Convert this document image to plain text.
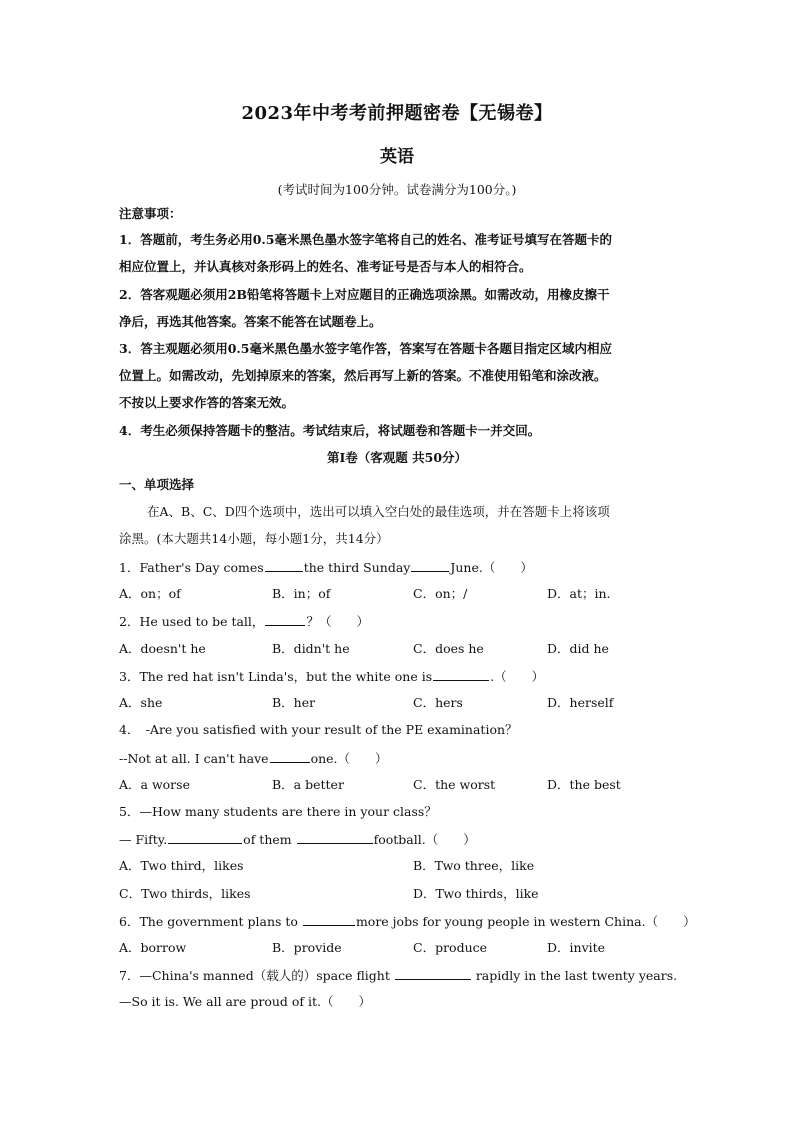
2023年中考考前押题密卷【无锡卷】
英语
(考试时间为100分钟。试卷满分为100分。)
注意事项：
1．答题前，考生务必用0.5毫米黑色墨水签字笔将自己的姓名、准考证号填写在答题卡的
相应位置上，并认真核对条形码上的姓名、准考证号是否与本人的相符合。
2．答客观题必须用2B铅笔将答题卡上对应题目的正确选项涂黑。如需改动，用橡皮擦干
净后，再选其他答案。答案不能答在试题卷上。
3．答主观题必须用0.5毫米黑色墨水签字笔作答，答案写在答题卡各题目指定区域内相应
位置上。如需改动，先划掉原来的答案，然后再写上新的答案。不准使用铅笔和涂改液。
不按以上要求作答的答案无效。
4．考生必须保持答题卡的整洁。考试结束后，将试题卷和答题卡一并交回。
第I卷（客观题 共50分）
一、单项选择
在A、B、C、D四个选项中，选出可以填入空白处的最佳选项，并在答题卡上将该项
涂黑。(本大题共14小题，每小题1分，共14分）
1．Father's Day comes	the third Sunday	June.（　　）
A．on；of	B．in；of	C．on；/	D．at；in.
2．He used to be tall，	？（　　）
A．doesn't he	B．didn't he	C．does he	D．did he
3．The red hat isn't Linda's，but the white one is	.（　　）
A．she	B．her	C．hers	D．herself
4．　-Are you satisfied with your result of the PE examination？
--Not at all. I can't have	one.（　　）
A．a worse	B．a better	C．the worst	D．the best
5．—How many students are there in your class？
— Fifty.	of them	football.（　　）
A．Two third，likes	B．Two three，like
C．Two thirds，likes	D．Two thirds，like
6．The government plans to	more jobs for young people in western China.（　　）
A．borrow	B．provide	C．produce	D．invite
7．—China's manned（载人的）space flight	rapidly in the last twenty years.
—So it is. We all are proud of it.（　　）
